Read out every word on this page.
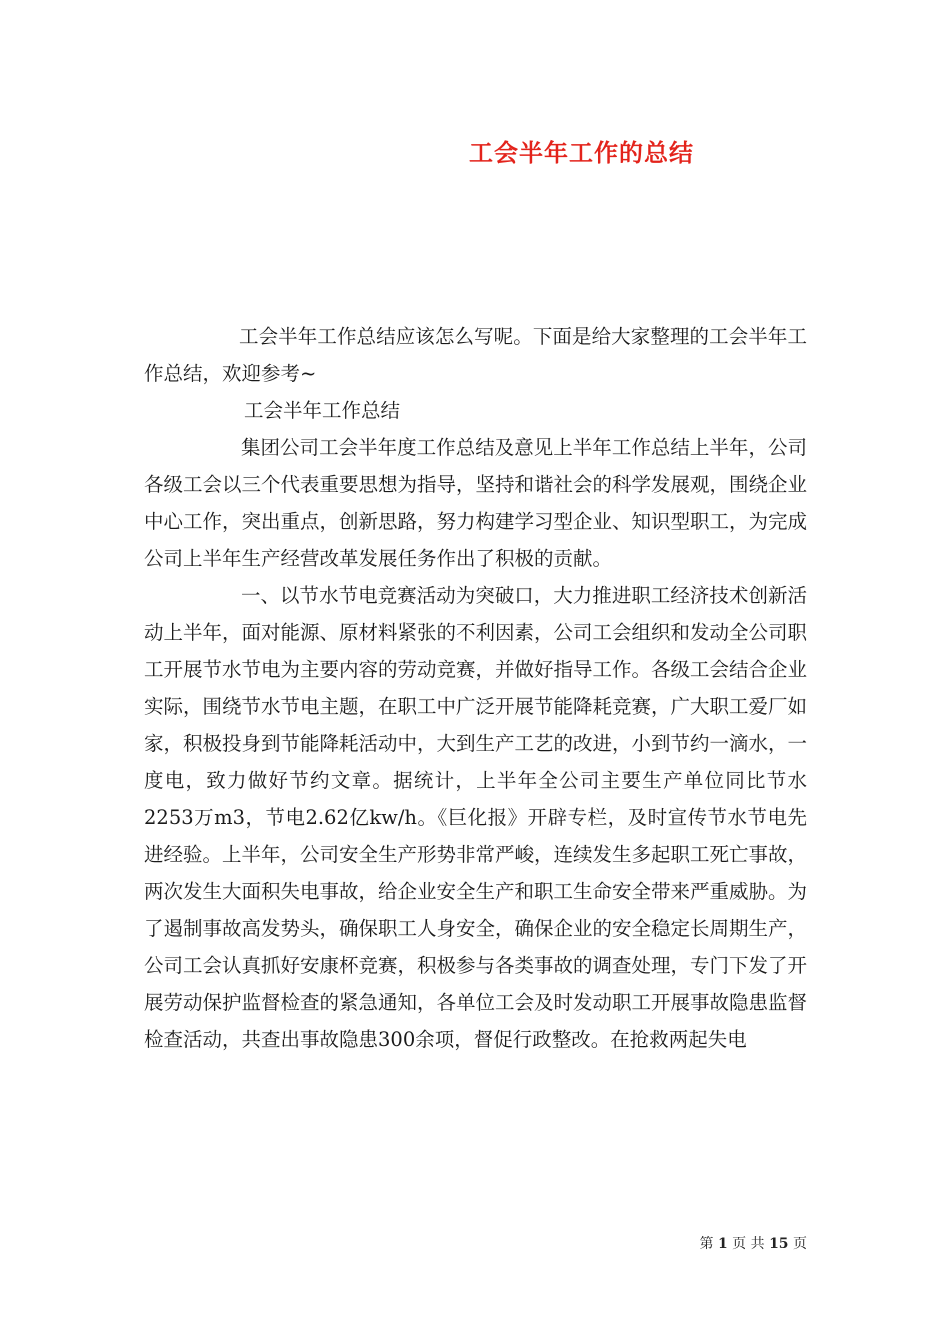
工会半年工作的总结

工会半年工作总结应该怎么写呢。下面是给大家整理的工会半年工作总结，欢迎参考~

工会半年工作总结

集团公司工会半年度工作总结及意见上半年工作总结上半年，公司各级工会以三个代表重要思想为指导，坚持和谐社会的科学发展观，围绕企业中心工作，突出重点，创新思路，努力构建学习型企业、知识型职工，为完成公司上半年生产经营改革发展任务作出了积极的贡献。

一、以节水节电竞赛活动为突破口，大力推进职工经济技术创新活动上半年，面对能源、原材料紧张的不利因素，公司工会组织和发动全公司职工开展节水节电为主要内容的劳动竞赛，并做好指导工作。各级工会结合企业实际，围绕节水节电主题，在职工中广泛开展节能降耗竞赛，广大职工爱厂如家，积极投身到节能降耗活动中，大到生产工艺的改进，小到节约一滴水，一度电，致力做好节约文章。据统计，上半年全公司主要生产单位同比节水2253万m3，节电2.62亿kw/h。《巨化报》开辟专栏，及时宣传节水节电先进经验。上半年，公司安全生产形势非常严峻，连续发生多起职工死亡事故，两次发生大面积失电事故，给企业安全生产和职工生命安全带来严重威胁。为了遏制事故高发势头，确保职工人身安全，确保企业的安全稳定长周期生产，公司工会认真抓好安康杯竞赛，积极参与各类事故的调查处理，专门下发了开展劳动保护监督检查的紧急通知，各单位工会及时发动职工开展事故隐患监督检查活动，共查出事故隐患300余项，督促行政整改。在抢救两起失电

第 1 页 共 15 页
